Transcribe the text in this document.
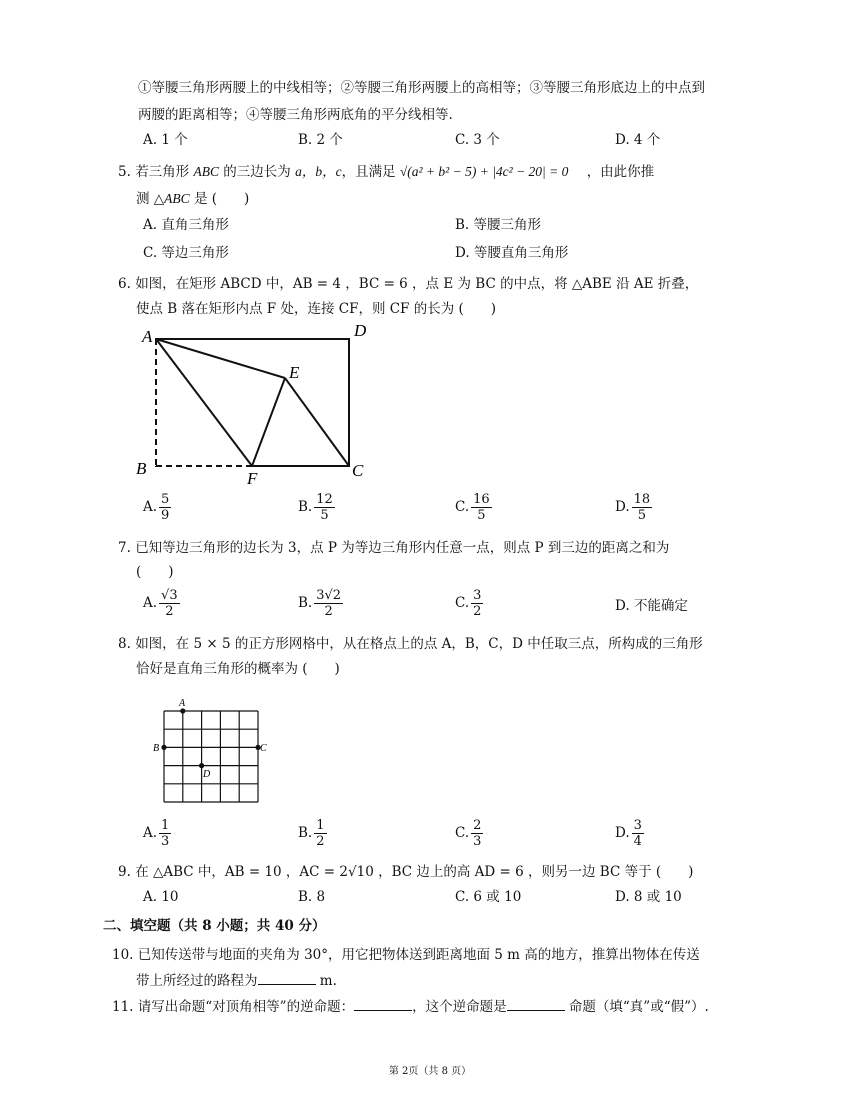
①等腰三角形两腰上的中线相等；②等腰三角形两腰上的高相等；③等腰三角形底边上的中点到
两腰的距离相等；④等腰三角形两底角的平分线相等.
A. 1 个	B. 2 个	C. 3 个	D. 4 个
5. 若三角形 ABC 的三边长为 a，b，c，且满足 √(a² + b² − 5) + |4c² − 20| = 0 ，由此你推
测 △ABC 是 (　　)
A. 直角三角形	B. 等腰三角形
C. 等边三角形	D. 等腰直角三角形
6. 如图，在矩形 ABCD 中，AB = 4 ，BC = 6 ，点 E 为 BC 的中点，将 △ABE 沿 AE 折叠，
使点 B 落在矩形内点 F 处，连接 CF，则 CF 的长为 (　　)
A	D
E
B	C
F
A. $\frac{5}{9}$	B. $\frac{12}{5}$	C. $\frac{16}{5}$	D. $\frac{18}{5}$
7. 已知等边三角形的边长为 3，点 P 为等边三角形内任意一点，则点 P 到三边的距离之和为
(　　)
A. $\frac{√3}{2}$	B. $\frac{3√2}{2}$	C. $\frac{3}{2}$	D. 不能确定
8. 如图，在 5 × 5 的正方形网格中，从在格点上的点 A，B，C，D 中任取三点，所构成的三角形
恰好是直角三角形的概率为 (　　)
A
B	C
D
A. $\frac{1}{3}$	B. $\frac{1}{2}$	C. $\frac{2}{3}$	D. $\frac{3}{4}$
9. 在 △ABC 中，AB = 10 ，AC = 2√10 ，BC 边上的高 AD = 6 ，则另一边 BC 等于 (　　)
A. 10	B. 8	C. 6 或 10	D. 8 或 10
二、填空题（共 8 小题；共 40 分）
10. 已知传送带与地面的夹角为 30°，用它把物体送到距离地面 5 m 高的地方，推算出物体在传送
带上所经过的路程为	m.
11. 请写出命题“对顶角相等”的逆命题：	，这个逆命题是	命题（填“真”或“假”）.
第 2页（共 8 页）
